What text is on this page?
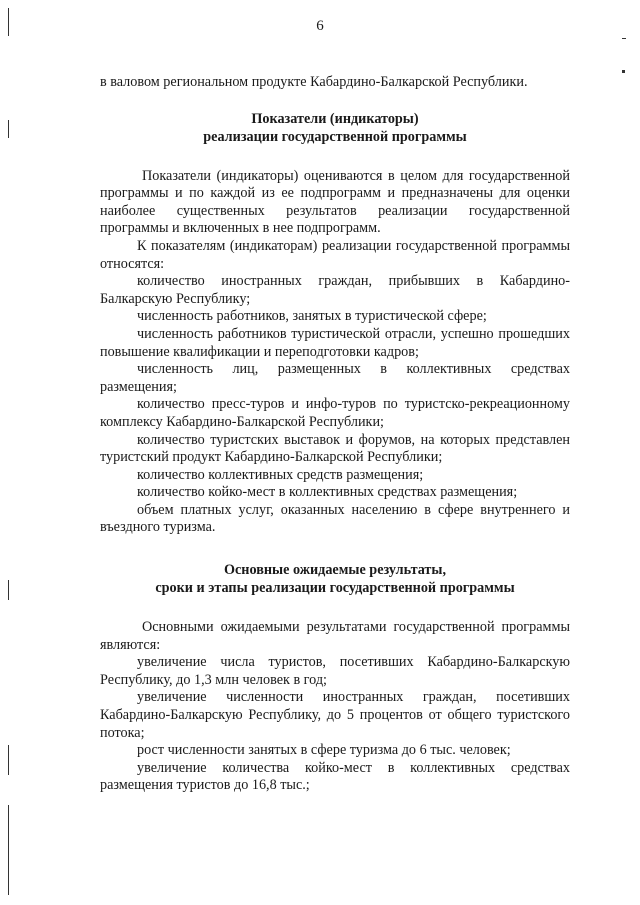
6

в валовом региональном продукте Кабардино-Балкарской Республики.

Показатели (индикаторы)
реализации государственной программы

Показатели (индикаторы) оцениваются в целом для государственной программы и по каждой из ее подпрограмм и предназначены для оценки наиболее существенных результатов реализации государственной программы и включенных в нее подпрограмм.

К показателям (индикаторам) реализации государственной программы относятся:

количество иностранных граждан, прибывших в Кабардино-Балкарскую Республику;

численность работников, занятых в туристической сфере;

численность работников туристической отрасли, успешно прошедших повышение квалификации и переподготовки кадров;

численность лиц, размещенных в коллективных средствах размещения;

количество пресс-туров и инфо-туров по туристско-рекреационному комплексу Кабардино-Балкарской Республики;

количество туристских выставок и форумов, на которых представлен туристский продукт Кабардино-Балкарской Республики;

количество коллективных средств размещения;

количество койко-мест в коллективных средствах размещения;

объем платных услуг, оказанных населению в сфере внутреннего и въездного туризма.

Основные ожидаемые результаты,
сроки и этапы реализации государственной программы

Основными ожидаемыми результатами государственной программы являются:

увеличение числа туристов, посетивших Кабардино-Балкарскую Республику, до 1,3 млн человек в год;

увеличение численности иностранных граждан, посетивших Кабардино-Балкарскую Республику, до 5 процентов от общего туристского потока;

рост численности занятых в сфере туризма до 6 тыс. человек;

увеличение количества койко-мест в коллективных средствах размещения туристов до 16,8 тыс.;
